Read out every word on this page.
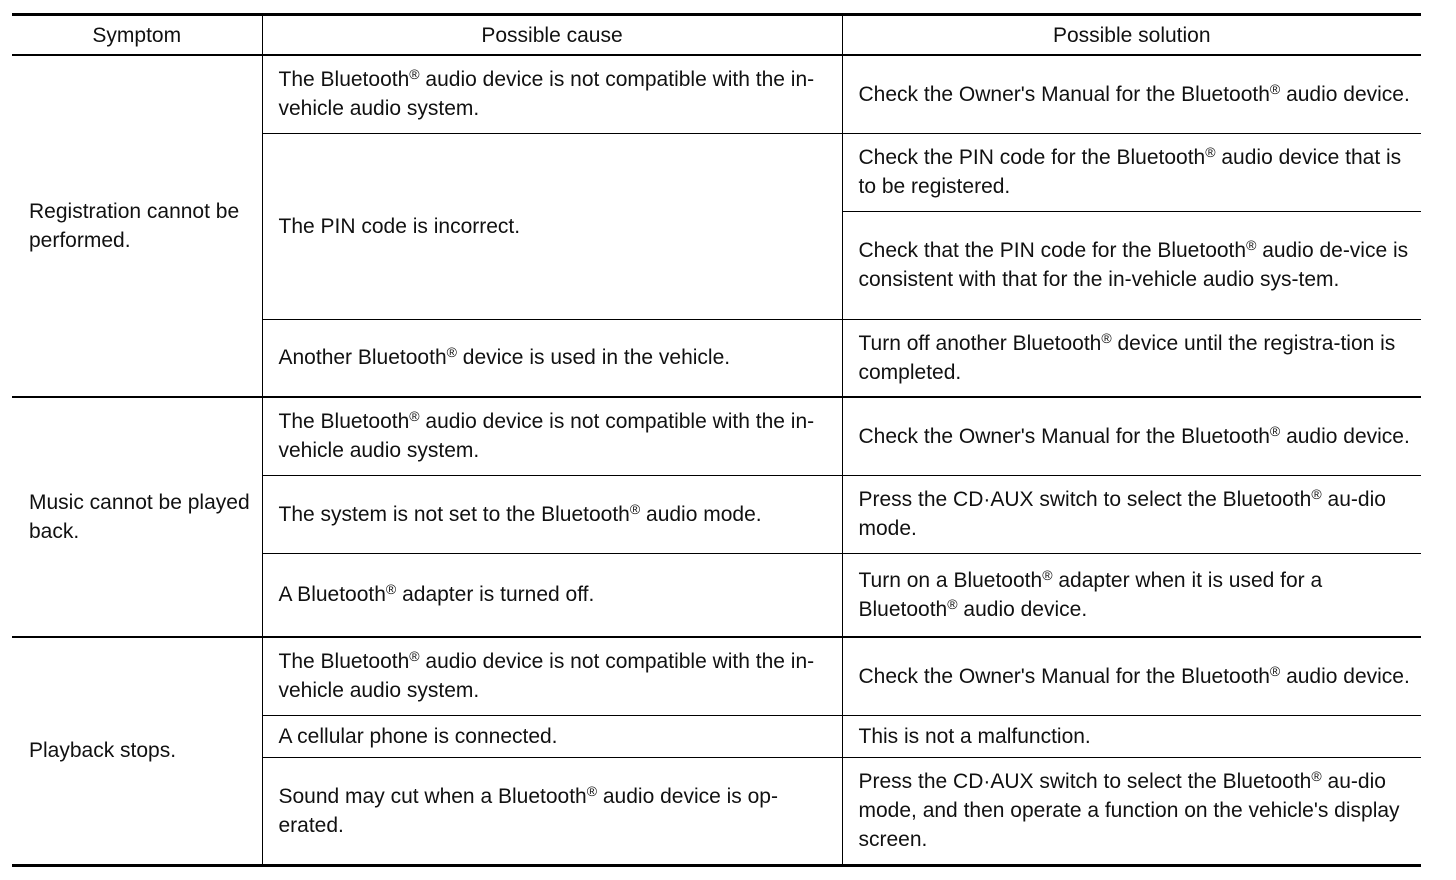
Symptom	Possible cause	Possible solution
Registration cannot be performed.	The Bluetooth® audio device is not compatible with the in-vehicle audio system.	Check the Owner's Manual for the Bluetooth® audio device.
	The PIN code is incorrect.	Check the PIN code for the Bluetooth® audio device that is to be registered.
		Check that the PIN code for the Bluetooth® audio de-vice is consistent with that for the in-vehicle audio sys-tem.
	Another Bluetooth® device is used in the vehicle.	Turn off another Bluetooth® device until the registra-tion is completed.
Music cannot be played back.	The Bluetooth® audio device is not compatible with the in-vehicle audio system.	Check the Owner's Manual for the Bluetooth® audio device.
	The system is not set to the Bluetooth® audio mode.	Press the CD·AUX switch to select the Bluetooth® au-dio mode.
	A Bluetooth® adapter is turned off.	Turn on a Bluetooth® adapter when it is used for a Bluetooth® audio device.
Playback stops.	The Bluetooth® audio device is not compatible with the in-vehicle audio system.	Check the Owner's Manual for the Bluetooth® audio device.
	A cellular phone is connected.	This is not a malfunction.
	Sound may cut when a Bluetooth® audio device is op-erated.	Press the CD·AUX switch to select the Bluetooth® au-dio mode, and then operate a function on the vehicle's display screen.
